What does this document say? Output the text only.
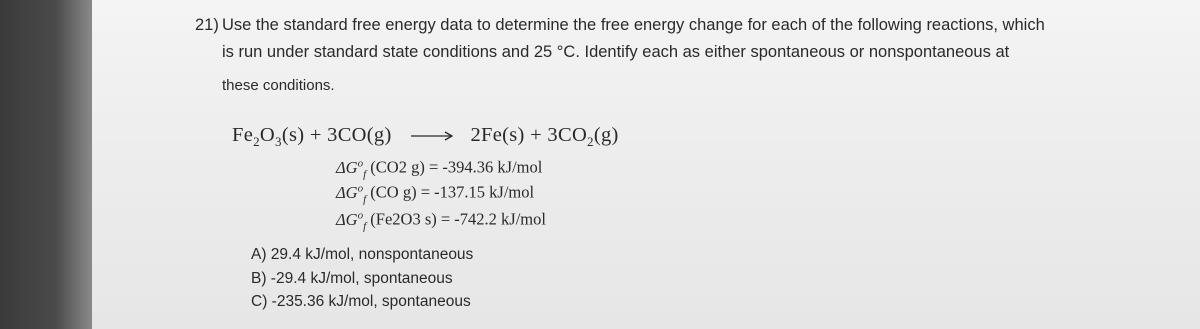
21) Use the standard free energy data to determine the free energy change for each of the following reactions, which
is run under standard state conditions and 25 °C. Identify each as either spontaneous or nonspontaneous at
these conditions.
$Fe_2O_3(s) + 3CO(g) \to 2Fe(s) + 3CO_2(g)$
$\Delta G^o_f$ (CO2 g) = -394.36 kJ/mol
$\Delta G^o_f$ (CO g) = -137.15 kJ/mol
$\Delta G^o_f$ (Fe2O3 s) = -742.2 kJ/mol
A) 29.4 kJ/mol, nonspontaneous
B) -29.4 kJ/mol, spontaneous
C) -235.36 kJ/mol, spontaneous
